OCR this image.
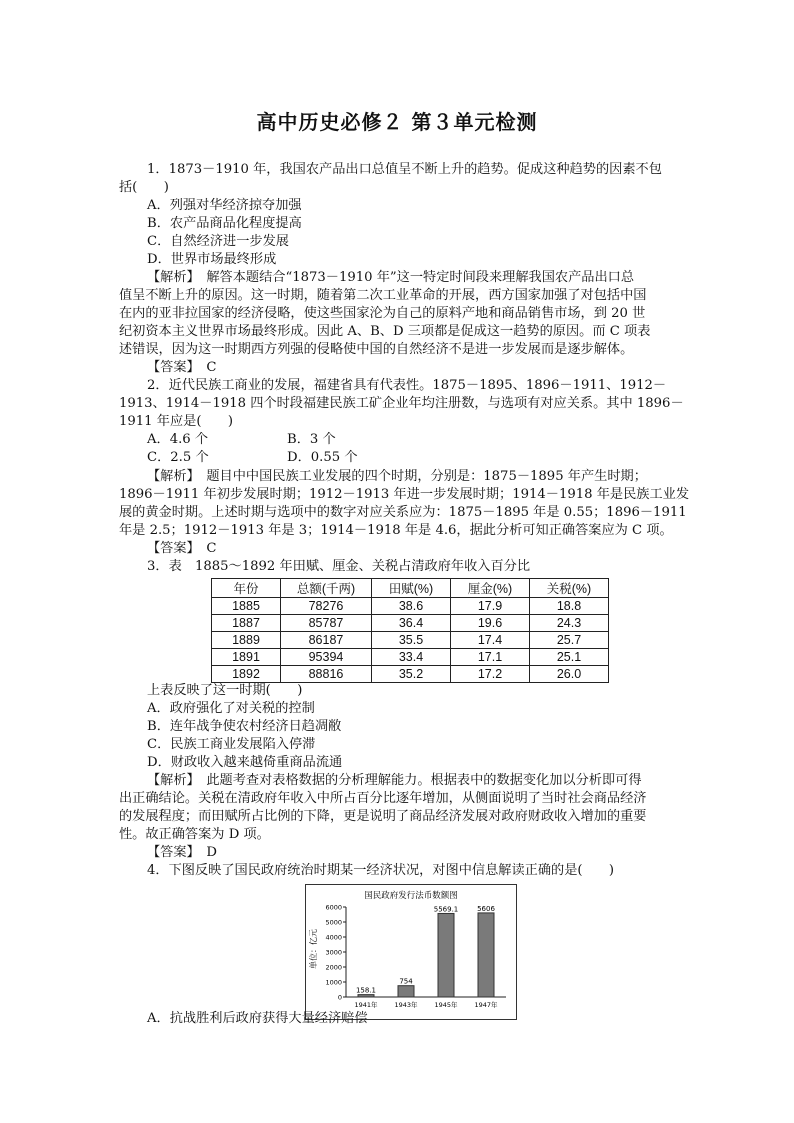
高中历史必修２ 第３单元检测
1．1873－1910 年，我国农产品出口总值呈不断上升的趋势。促成这种趋势的因素不包
括(　　)
A．列强对华经济掠夺加强
B．农产品商品化程度提高
C．自然经济进一步发展
D．世界市场最终形成
【解析】　解答本题结合“1873－1910 年”这一特定时间段来理解我国农产品出口总
值呈不断上升的原因。这一时期，随着第二次工业革命的开展，西方国家加强了对包括中国
在内的亚非拉国家的经济侵略，使这些国家沦为自己的原料产地和商品销售市场，到 20 世
纪初资本主义世界市场最终形成。因此 A、B、D 三项都是促成这一趋势的原因。而 C 项表
述错误，因为这一时期西方列强的侵略使中国的自然经济不是进一步发展而是逐步解体。
【答案】　C
2．近代民族工商业的发展，福建省具有代表性。1875－1895、1896－1911、1912－
1913、1914－1918 四个时段福建民族工矿企业年均注册数，与选项有对应关系。其中 1896－
1911 年应是(　　)
A．4.6 个	B．3 个
C．2.5 个	D．0.55 个
【解析】　题目中中国民族工业发展的四个时期，分别是：1875－1895 年产生时期；
1896－1911 年初步发展时期；1912－1913 年进一步发展时期；1914－1918 年是民族工业发
展的黄金时期。上述时期与选项中的数字对应关系应为：1875－1895 年是 0.55；1896－1911
年是 2.5；1912－1913 年是 3；1914－1918 年是 4.6，据此分析可知正确答案应为 C 项。
【答案】　C
3．表　1885～1892 年田赋、厘金、关税占清政府年收入百分比
年份	总额(千两)	田赋(%)	厘金(%)	关税(%)
1885	78276	38.6	17.9	18.8
1887	85787	36.4	19.6	24.3
1889	86187	35.5	17.4	25.7
1891	95394	33.4	17.1	25.1
1892	88816	35.2	17.2	26.0
上表反映了这一时期(　　)
A．政府强化了对关税的控制
B．连年战争使农村经济日趋凋敝
C．民族工商业发展陷入停滞
D．财政收入越来越倚重商品流通
【解析】　此题考查对表格数据的分析理解能力。根据表中的数据变化加以分析即可得
出正确结论。关税在清政府年收入中所占百分比逐年增加，从侧面说明了当时社会商品经济
的发展程度；而田赋所占比例的下降，更是说明了商品经济发展对政府财政收入增加的重要
性。故正确答案为 D 项。
【答案】　D
4．下图反映了国民政府统治时期某一经济状况，对图中信息解读正确的是(　　)
国民政府发行法币数额图
单位：亿元
0
1000
2000
3000
4000
5000
6000
158.1
1941年
754
1943年
5569.1
1945年
5606
1947年
A．抗战胜利后政府获得大量经济赔偿
